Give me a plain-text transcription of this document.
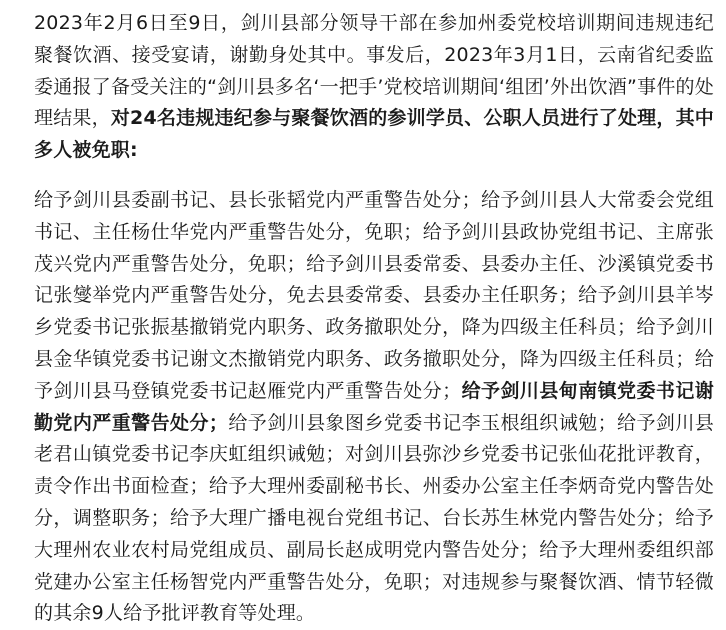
2023年2月6日至9日，剑川县部分领导干部在参加州委党校培训期间违规违纪聚餐饮酒、接受宴请，谢勤身处其中。事发后，2023年3月1日，云南省纪委监委通报了备受关注的“剑川县多名‘一把手’党校培训期间‘组团’外出饮酒”事件的处理结果，对24名违规违纪参与聚餐饮酒的参训学员、公职人员进行了处理，其中多人被免职:

给予剑川县委副书记、县长张韬党内严重警告处分；给予剑川县人大常委会党组书记、主任杨仕华党内严重警告处分，免职；给予剑川县政协党组书记、主席张茂兴党内严重警告处分，免职；给予剑川县委常委、县委办主任、沙溪镇党委书记张燮举党内严重警告处分，免去县委常委、县委办主任职务；给予剑川县羊岑乡党委书记张振基撤销党内职务、政务撤职处分，降为四级主任科员；给予剑川县金华镇党委书记谢文杰撤销党内职务、政务撤职处分，降为四级主任科员；给予剑川县马登镇党委书记赵雁党内严重警告处分；给予剑川县甸南镇党委书记谢勤党内严重警告处分；给予剑川县象图乡党委书记李玉根组织诫勉；给予剑川县老君山镇党委书记李庆虹组织诫勉；对剑川县弥沙乡党委书记张仙花批评教育，责令作出书面检查；给予大理州委副秘书长、州委办公室主任李炳奇党内警告处分，调整职务；给予大理广播电视台党组书记、台长苏生林党内警告处分；给予大理州农业农村局党组成员、副局长赵成明党内警告处分；给予大理州委组织部党建办公室主任杨智党内严重警告处分，免职；对违规参与聚餐饮酒、情节轻微的其余9人给予批评教育等处理。
